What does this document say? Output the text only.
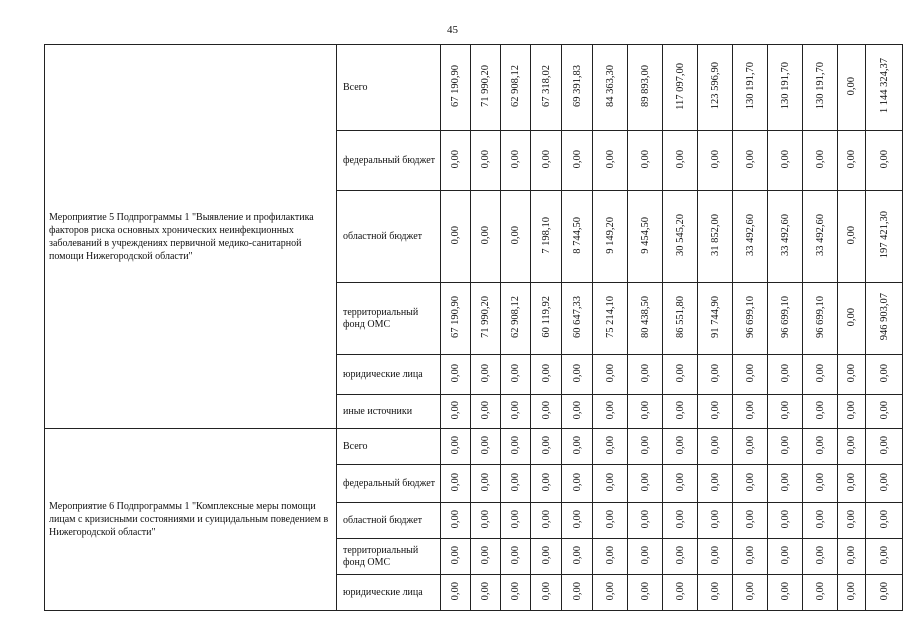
45
Мероприятие 5 Подпрограммы 1 "Выявление и профилактика факторов риска основных хронических неинфекционных заболеваний в учреждениях первичной медико-санитарной помощи Нижегородской области"	Всего	67 190,90	71 990,20	62 908,12	67 318,02	69 391,83	84 363,30	89 893,00	117 097,00	123 596,90	130 191,70	130 191,70	130 191,70	0,00	1 144 324,37
	федеральный бюджет	0,00	0,00	0,00	0,00	0,00	0,00	0,00	0,00	0,00	0,00	0,00	0,00	0,00	0,00
	областной бюджет	0,00	0,00	0,00	7 198,10	8 744,50	9 149,20	9 454,50	30 545,20	31 852,00	33 492,60	33 492,60	33 492,60	0,00	197 421,30
	территориальный фонд ОМС	67 190,90	71 990,20	62 908,12	60 119,92	60 647,33	75 214,10	80 438,50	86 551,80	91 744,90	96 699,10	96 699,10	96 699,10	0,00	946 903,07
	юридические лица	0,00	0,00	0,00	0,00	0,00	0,00	0,00	0,00	0,00	0,00	0,00	0,00	0,00	0,00
	иные источники	0,00	0,00	0,00	0,00	0,00	0,00	0,00	0,00	0,00	0,00	0,00	0,00	0,00	0,00
Мероприятие 6 Подпрограммы 1 "Комплексные меры помощи лицам с кризисными состояниями и суицидальным поведением в Нижегородской области"	Всего	0,00	0,00	0,00	0,00	0,00	0,00	0,00	0,00	0,00	0,00	0,00	0,00	0,00	0,00
	федеральный бюджет	0,00	0,00	0,00	0,00	0,00	0,00	0,00	0,00	0,00	0,00	0,00	0,00	0,00	0,00
	областной бюджет	0,00	0,00	0,00	0,00	0,00	0,00	0,00	0,00	0,00	0,00	0,00	0,00	0,00	0,00
	территориальный фонд ОМС	0,00	0,00	0,00	0,00	0,00	0,00	0,00	0,00	0,00	0,00	0,00	0,00	0,00	0,00
	юридические лица	0,00	0,00	0,00	0,00	0,00	0,00	0,00	0,00	0,00	0,00	0,00	0,00	0,00	0,00
